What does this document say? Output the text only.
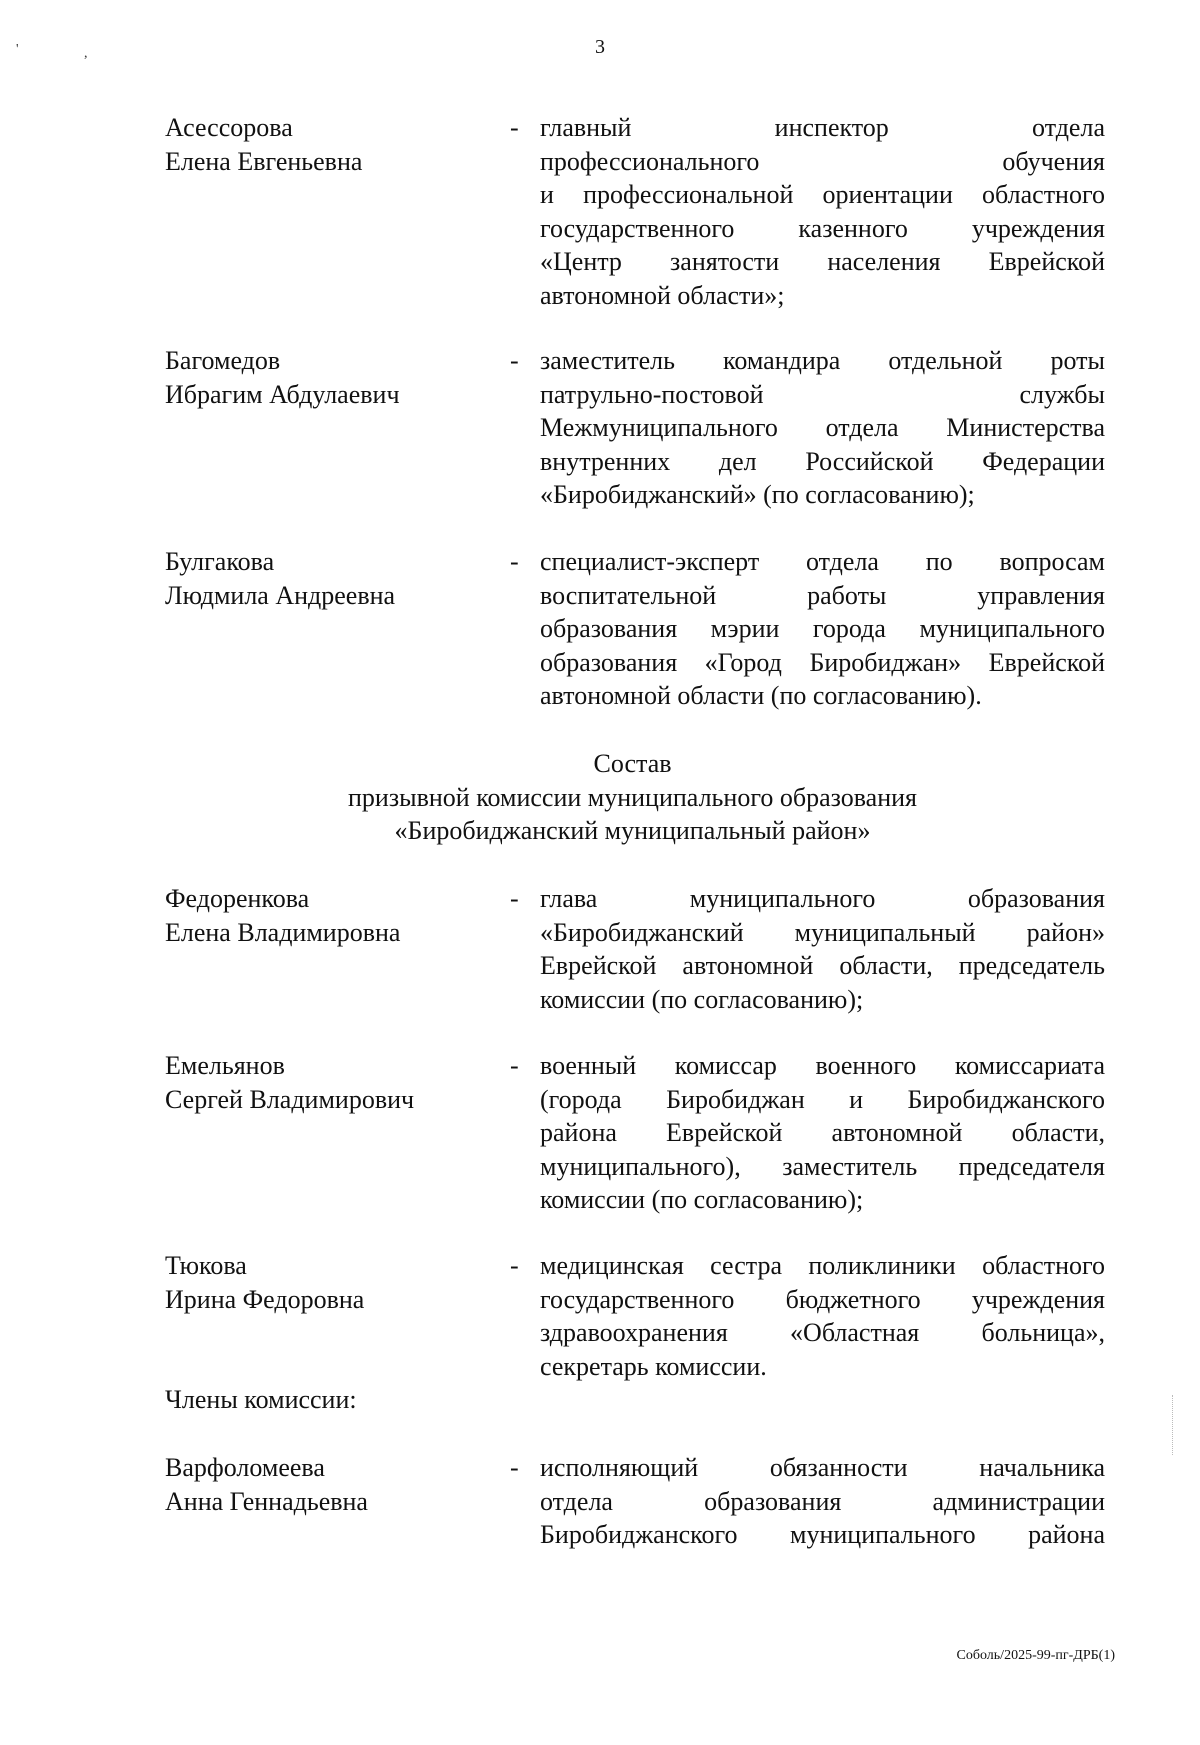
3
'	,
Асессорова
Елена Евгеньевна
- главный инспектор отдела
профессионального обучения
и профессиональной ориентации областного
государственного казенного учреждения
«Центр занятости населения Еврейской
автономной области»;
Багомедов
Ибрагим Абдулаевич
- заместитель командира отдельной роты
патрульно-постовой службы
Межмуниципального отдела Министерства
внутренних дел Российской Федерации
«Биробиджанский» (по согласованию);
Булгакова
Людмила Андреевна
- специалист-эксперт отдела по вопросам
воспитательной работы управления
образования мэрии города муниципального
образования «Город Биробиджан» Еврейской
автономной области (по согласованию).
Состав
призывной комиссии муниципального образования
«Биробиджанский муниципальный район»
Федоренкова
Елена Владимировна
- глава муниципального образования
«Биробиджанский муниципальный район»
Еврейской автономной области, председатель
комиссии (по согласованию);
Емельянов
Сергей Владимирович
- военный комиссар военного комиссариата
(города Биробиджан и Биробиджанского
района Еврейской автономной области,
муниципального), заместитель председателя
комиссии (по согласованию);
Тюкова
Ирина Федоровна
- медицинская сестра поликлиники областного
государственного бюджетного учреждения
здравоохранения «Областная больница»,
секретарь комиссии.
Члены комиссии:
Варфоломеева
Анна Геннадьевна
- исполняющий обязанности начальника
отдела образования администрации
Биробиджанского муниципального района
Соболь/2025-99-пг-ДРБ(1)
